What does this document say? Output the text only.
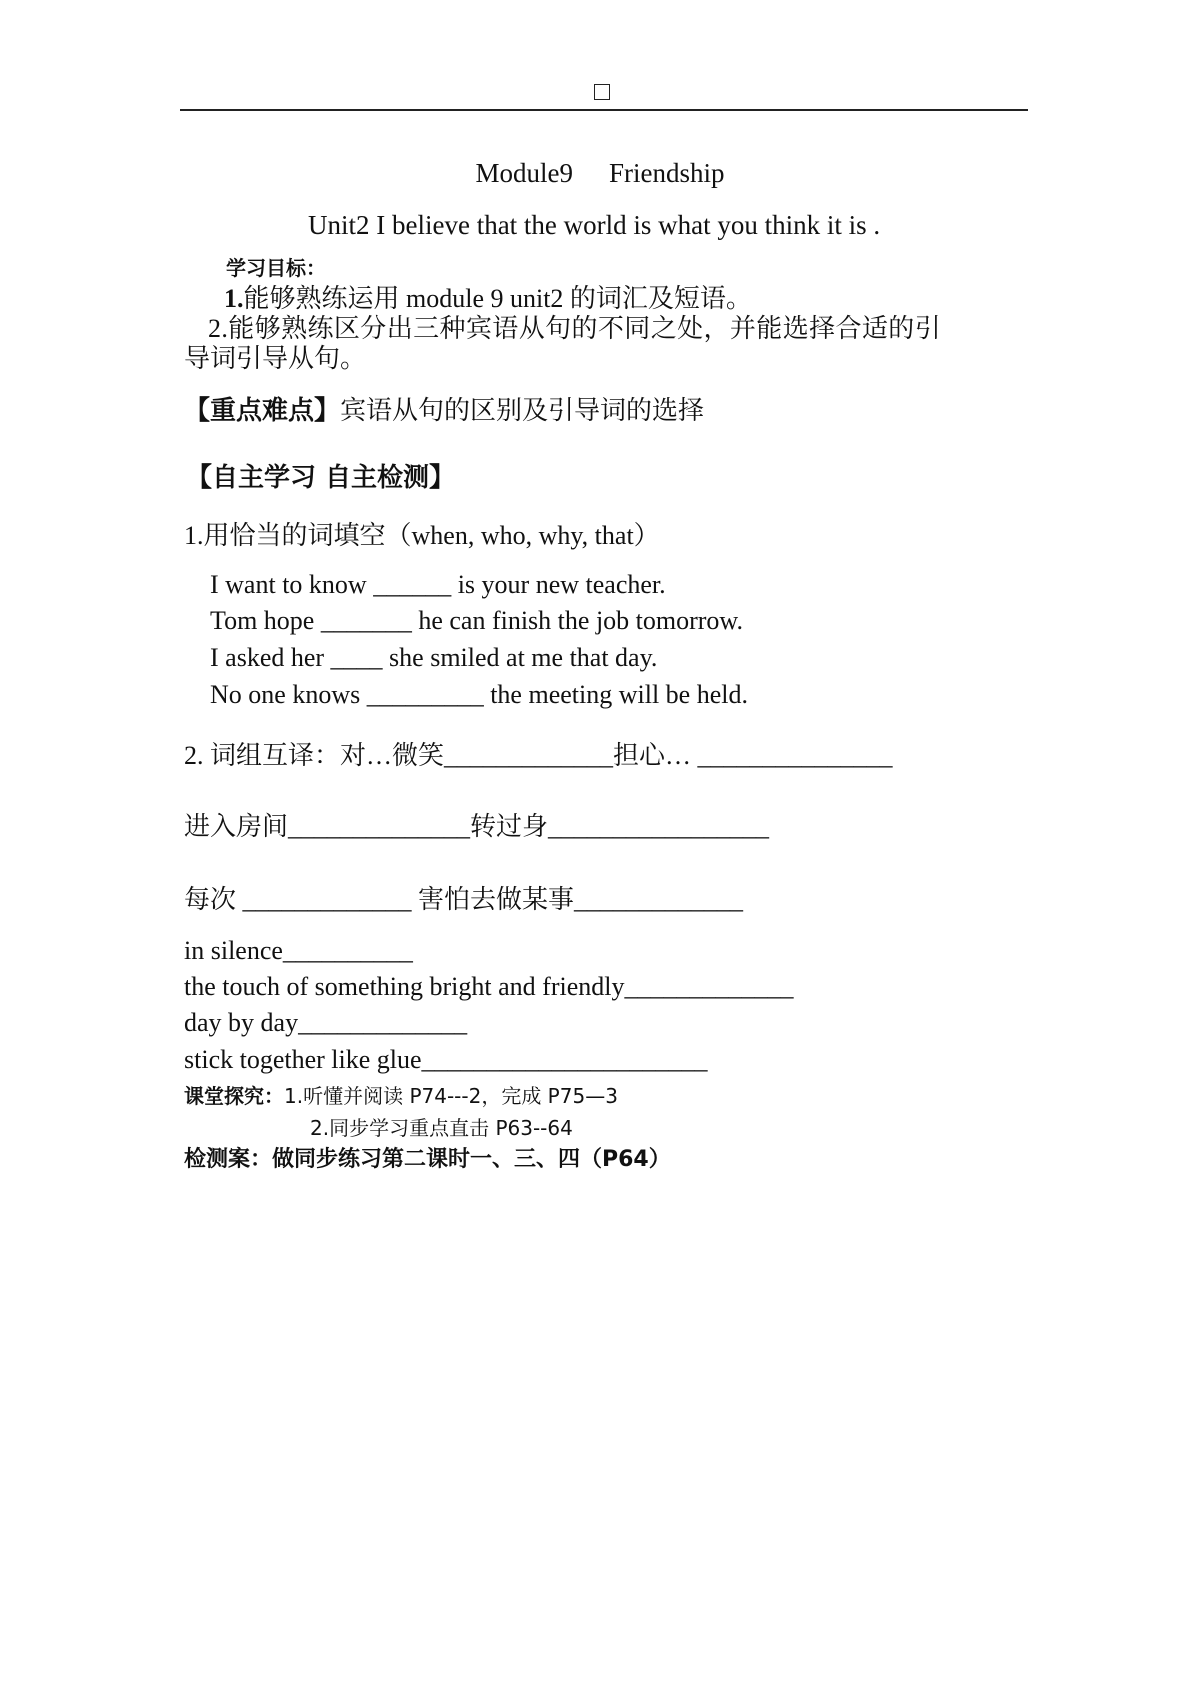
Module9 Friendship
Unit2 I believe that the world is what you think it is .
学习目标：
1.能够熟练运用 module 9 unit2 的词汇及短语。
2.能够熟练区分出三种宾语从句的不同之处，并能选择合适的引
导词引导从句。
【重点难点】宾语从句的区别及引导词的选择
【自主学习 自主检测】
1.用恰当的词填空（when, who, why, that）
I want to know ______ is your new teacher.
Tom hope _______ he can finish the job tomorrow.
I asked her ____ she smiled at me that day.
No one knows _________ the meeting will be held.
2. 词组互译：对…微笑_____________担心… _______________
进入房间______________转过身_________________
每次 _____________ 害怕去做某事_____________
in silence__________
the touch of something bright and friendly_____________
day by day_____________
stick together like glue______________________
课堂探究：1.听懂并阅读 P74---2，完成 P75—3
2.同步学习重点直击 P63--64
检测案：做同步练习第二课时一、三、四（P64）
